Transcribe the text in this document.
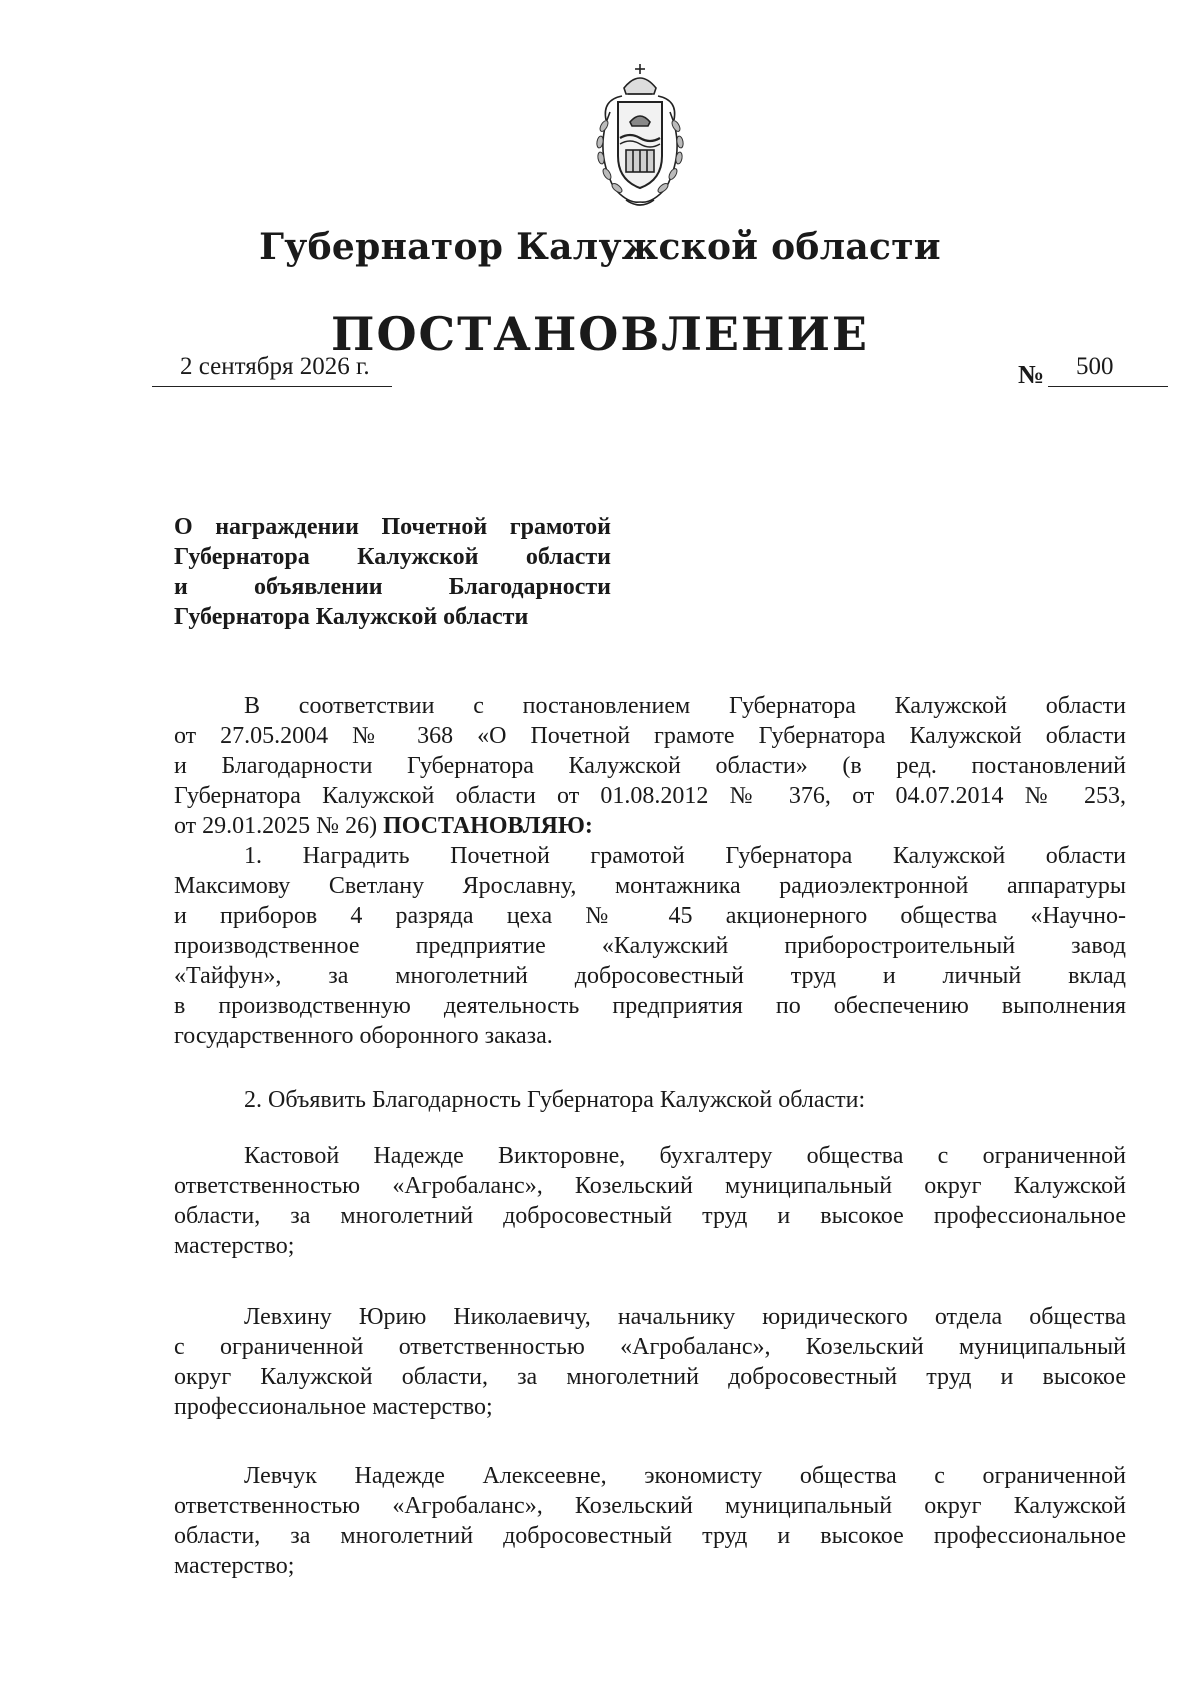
Губернатор Калужской области
ПОСТАНОВЛЕНИЕ
2 сентября 2026 г.	№ 500
О награждении Почетной грамотой
Губернатора Калужской области
и объявлении Благодарности
Губернатора Калужской области
В соответствии с постановлением Губернатора Калужской области
от 27.05.2004 № 368 «О Почетной грамоте Губернатора Калужской области
и Благодарности Губернатора Калужской области» (в ред. постановлений
Губернатора Калужской области от 01.08.2012 № 376, от 04.07.2014 № 253,
от 29.01.2025 № 26) ПОСТАНОВЛЯЮ:
1. Наградить Почетной грамотой Губернатора Калужской области
Максимову Светлану Ярославну, монтажника радиоэлектронной аппаратуры
и приборов 4 разряда цеха № 45 акционерного общества «Научно-
производственное предприятие «Калужский приборостроительный завод
«Тайфун», за многолетний добросовестный труд и личный вклад
в производственную деятельность предприятия по обеспечению выполнения
государственного оборонного заказа.
2. Объявить Благодарность Губернатора Калужской области:
Кастовой Надежде Викторовне, бухгалтеру общества с ограниченной
ответственностью «Агробаланс», Козельский муниципальный округ Калужской
области, за многолетний добросовестный труд и высокое профессиональное
мастерство;
Левхину Юрию Николаевичу, начальнику юридического отдела общества
с ограниченной ответственностью «Агробаланс», Козельский муниципальный
округ Калужской области, за многолетний добросовестный труд и высокое
профессиональное мастерство;
Левчук Надежде Алексеевне, экономисту общества с ограниченной
ответственностью «Агробаланс», Козельский муниципальный округ Калужской
области, за многолетний добросовестный труд и высокое профессиональное
мастерство;
